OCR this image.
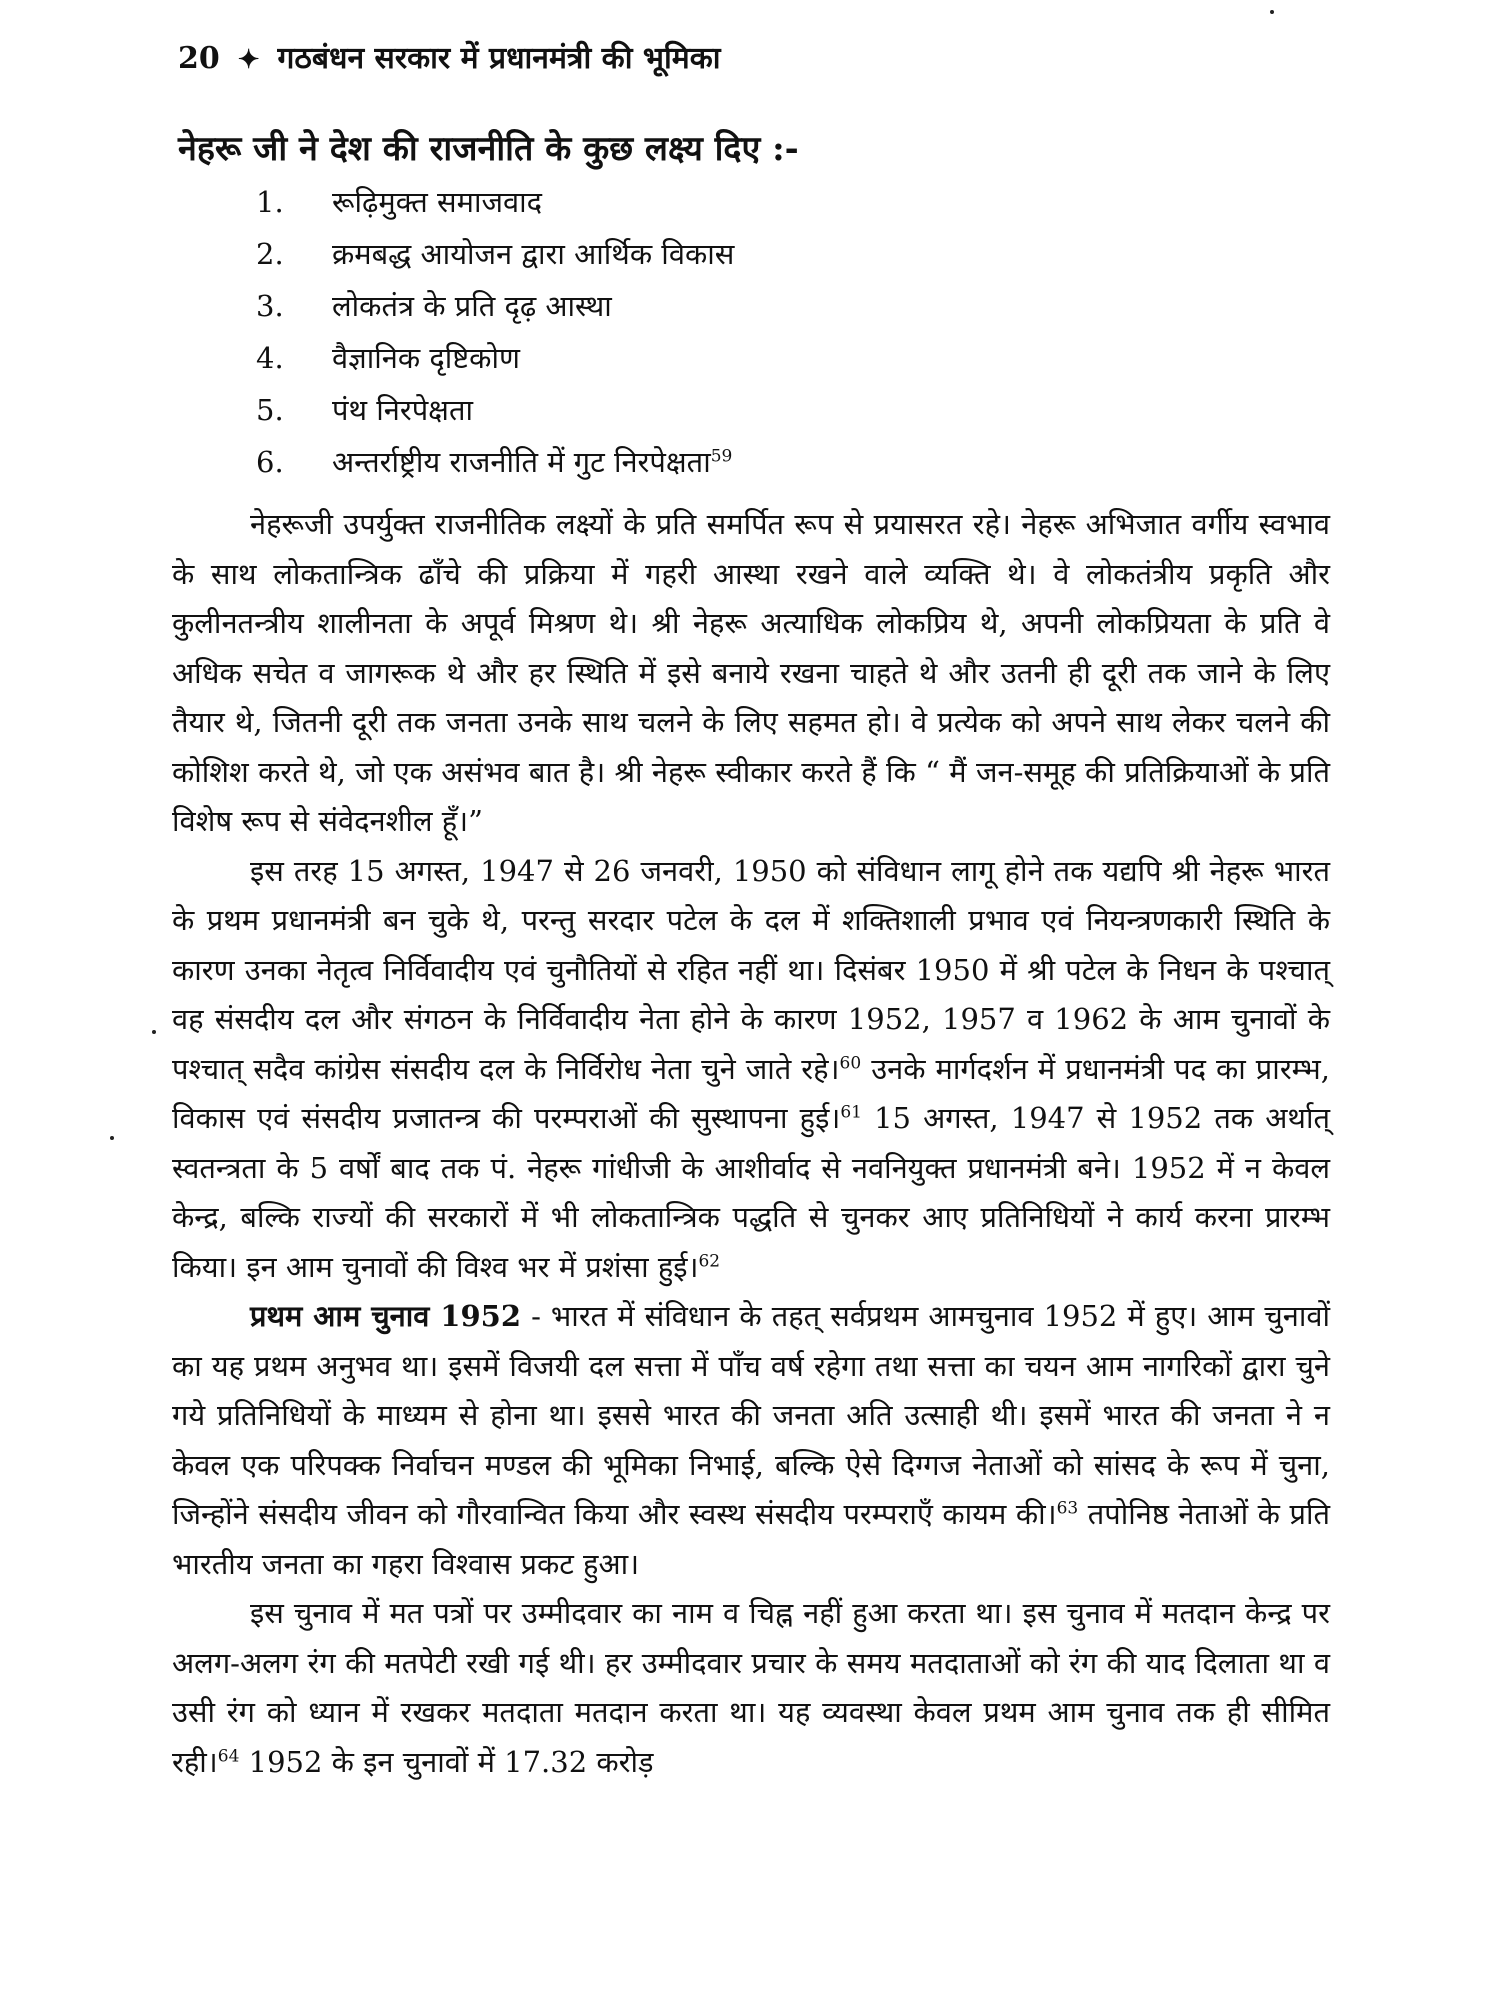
20 ✦ गठबंधन सरकार में प्रधानमंत्री की भूमिका
नेहरू जी ने देश की राजनीति के कुछ लक्ष्य दिए :-
1. रूढ़िमुक्त समाजवाद
2. क्रमबद्ध आयोजन द्वारा आर्थिक विकास
3. लोकतंत्र के प्रति दृढ़ आस्था
4. वैज्ञानिक दृष्टिकोण
5. पंथ निरपेक्षता
6. अन्तर्राष्ट्रीय राजनीति में गुट निरपेक्षता$^{59}$

नेहरूजी उपर्युक्त राजनीतिक लक्ष्यों के प्रति समर्पित रूप से प्रयासरत रहे। नेहरू अभिजात वर्गीय स्वभाव के साथ लोकतान्त्रिक ढाँचे की प्रक्रिया में गहरी आस्था रखने वाले व्यक्ति थे। वे लोकतंत्रीय प्रकृति और कुलीनतन्त्रीय शालीनता के अपूर्व मिश्रण थे। श्री नेहरू अत्याधिक लोकप्रिय थे, अपनी लोकप्रियता के प्रति वे अधिक सचेत व जागरूक थे और हर स्थिति में इसे बनाये रखना चाहते थे और उतनी ही दूरी तक जाने के लिए तैयार थे, जितनी दूरी तक जनता उनके साथ चलने के लिए सहमत हो। वे प्रत्येक को अपने साथ लेकर चलने की कोशिश करते थे, जो एक असंभव बात है। श्री नेहरू स्वीकार करते हैं कि “ मैं जन-समूह की प्रतिक्रियाओं के प्रति विशेष रूप से संवेदनशील हूँ।”

इस तरह 15 अगस्त, 1947 से 26 जनवरी, 1950 को संविधान लागू होने तक यद्यपि श्री नेहरू भारत के प्रथम प्रधानमंत्री बन चुके थे, परन्तु सरदार पटेल के दल में शक्तिशाली प्रभाव एवं नियन्त्रणकारी स्थिति के कारण उनका नेतृत्व निर्विवादीय एवं चुनौतियों से रहित नहीं था। दिसंबर 1950 में श्री पटेल के निधन के पश्चात् वह संसदीय दल और संगठन के निर्विवादीय नेता होने के कारण 1952, 1957 व 1962 के आम चुनावों के पश्चात् सदैव कांग्रेस संसदीय दल के निर्विरोध नेता चुने जाते रहे।$^{60}$ उनके मार्गदर्शन में प्रधानमंत्री पद का प्रारम्भ, विकास एवं संसदीय प्रजातन्त्र की परम्पराओं की सुस्थापना हुई।$^{61}$ 15 अगस्त, 1947 से 1952 तक अर्थात् स्वतन्त्रता के 5 वर्षों बाद तक पं. नेहरू गांधीजी के आशीर्वाद से नवनियुक्त प्रधानमंत्री बने। 1952 में न केवल केन्द्र, बल्कि राज्यों की सरकारों में भी लोकतान्त्रिक पद्धति से चुनकर आए प्रतिनिधियों ने कार्य करना प्रारम्भ किया। इन आम चुनावों की विश्व भर में प्रशंसा हुई।$^{62}$

प्रथम आम चुनाव 1952 - भारत में संविधान के तहत् सर्वप्रथम आमचुनाव 1952 में हुए। आम चुनावों का यह प्रथम अनुभव था। इसमें विजयी दल सत्ता में पाँच वर्ष रहेगा तथा सत्ता का चयन आम नागरिकों द्वारा चुने गये प्रतिनिधियों के माध्यम से होना था। इससे भारत की जनता अति उत्साही थी। इसमें भारत की जनता ने न केवल एक परिपक्क निर्वाचन मण्डल की भूमिका निभाई, बल्कि ऐसे दिग्गज नेताओं को सांसद के रूप में चुना, जिन्होंने संसदीय जीवन को गौरवान्वित किया और स्वस्थ संसदीय परम्पराएँ कायम की।$^{63}$ तपोनिष्ठ नेताओं के प्रति भारतीय जनता का गहरा विश्वास प्रकट हुआ।

इस चुनाव में मत पत्रों पर उम्मीदवार का नाम व चिह्न नहीं हुआ करता था। इस चुनाव में मतदान केन्द्र पर अलग-अलग रंग की मतपेटी रखी गई थी। हर उम्मीदवार प्रचार के समय मतदाताओं को रंग की याद दिलाता था व उसी रंग को ध्यान में रखकर मतदाता मतदान करता था। यह व्यवस्था केवल प्रथम आम चुनाव तक ही सीमित रही।$^{64}$ 1952 के इन चुनावों में 17.32 करोड़
